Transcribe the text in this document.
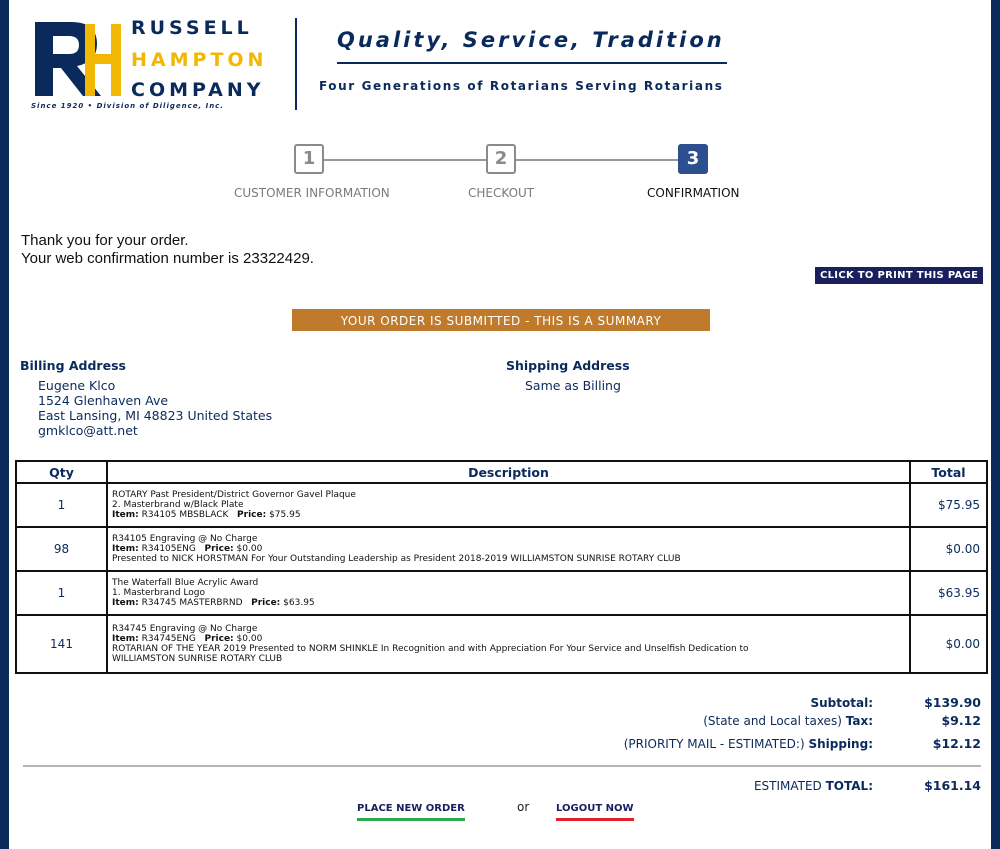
RUSSELL
HAMPTON
COMPANY
Since 1920 • Division of Diligence, Inc.
Quality, Service, Tradition
Four Generations of Rotarians Serving Rotarians
1	2	3
CUSTOMER INFORMATION	CHECKOUT	CONFIRMATION
Thank you for your order.
Your web confirmation number is 23322429.
CLICK TO PRINT THIS PAGE
YOUR ORDER IS SUBMITTED - THIS IS A SUMMARY
Billing Address
Eugene Klco
1524 Glenhaven Ave
East Lansing, MI 48823 United States
gmklco@att.net
Shipping Address
Same as Billing
Qty	Description	Total
1	ROTARY Past President/District Governor Gavel Plaque
2. Masterbrand w/Black Plate
Item: R34105 MBSBLACK Price: $75.95	$75.95
98	R34105 Engraving @ No Charge
Item: R34105ENG Price: $0.00
Presented to NICK HORSTMAN For Your Outstanding Leadership as President 2018-2019 WILLIAMSTON SUNRISE ROTARY CLUB	$0.00
1	The Waterfall Blue Acrylic Award
1. Masterbrand Logo
Item: R34745 MASTERBRND Price: $63.95	$63.95
141	R34745 Engraving @ No Charge
Item: R34745ENG Price: $0.00
ROTARIAN OF THE YEAR 2019 Presented to NORM SHINKLE In Recognition and with Appreciation For Your Service and Unselfish Dedication to
WILLIAMSTON SUNRISE ROTARY CLUB	$0.00
Subtotal:	$139.90
(State and Local taxes) Tax:	$9.12
(PRIORITY MAIL - ESTIMATED:) Shipping:	$12.12
ESTIMATED TOTAL:	$161.14
PLACE NEW ORDER	or	LOGOUT NOW
